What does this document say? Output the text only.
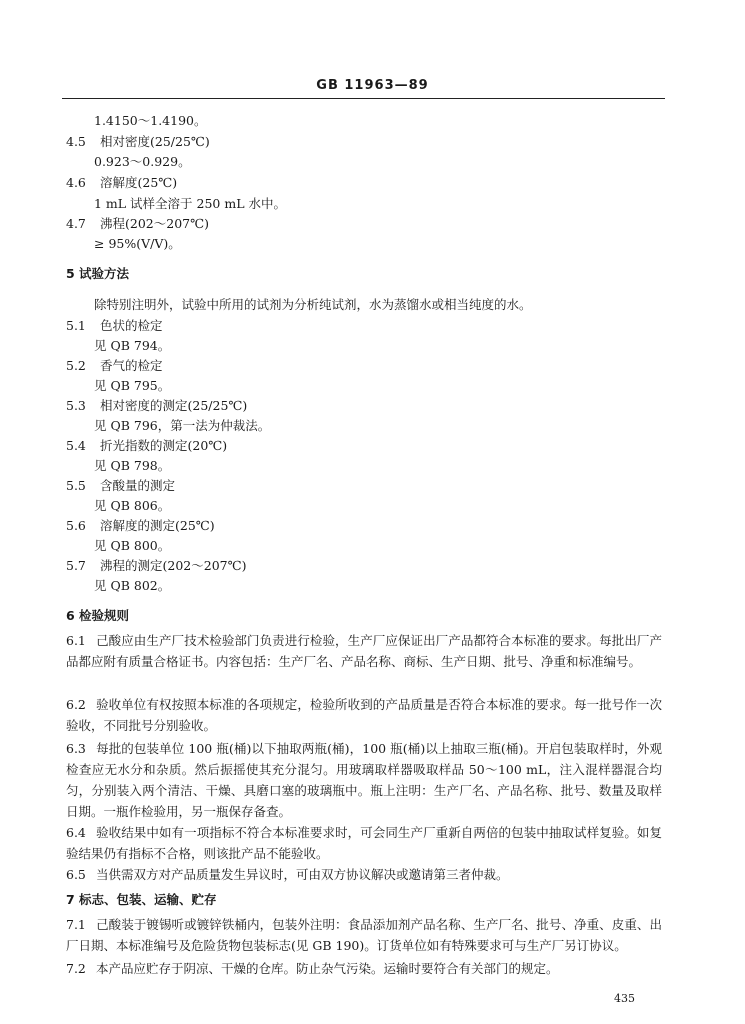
GB 11963—89
1.4150～1.4190。
4.5 相对密度(25/25℃)
0.923～0.929。
4.6 溶解度(25℃)
1 mL 试样全溶于 250 mL 水中。
4.7 沸程(202～207℃)
≥ 95%(V/V)。
5 试验方法
除特别注明外，试验中所用的试剂为分析纯试剂，水为蒸馏水或相当纯度的水。
5.1 色状的检定
见 QB 794。
5.2 香气的检定
见 QB 795。
5.3 相对密度的测定(25/25℃)
见 QB 796，第一法为仲裁法。
5.4 折光指数的测定(20℃)
见 QB 798。
5.5 含酸量的测定
见 QB 806。
5.6 溶解度的测定(25℃)
见 QB 800。
5.7 沸程的测定(202～207℃)
见 QB 802。
6 检验规则
6.1 己酸应由生产厂技术检验部门负责进行检验，生产厂应保证出厂产品都符合本标准的要求。每批出厂产品都应附有质量合格证书。内容包括：生产厂名、产品名称、商标、生产日期、批号、净重和标准编号。
6.2 验收单位有权按照本标准的各项规定，检验所收到的产品质量是否符合本标准的要求。每一批号作一次验收，不同批号分别验收。
6.3 每批的包装单位 100 瓶(桶)以下抽取两瓶(桶)，100 瓶(桶)以上抽取三瓶(桶)。开启包装取样时，外观检查应无水分和杂质。然后振摇使其充分混匀。用玻璃取样器吸取样品 50～100 mL，注入混样器混合均匀，分别装入两个清洁、干燥、具磨口塞的玻璃瓶中。瓶上注明：生产厂名、产品名称、批号、数量及取样日期。一瓶作检验用，另一瓶保存备查。
6.4 验收结果中如有一项指标不符合本标准要求时，可会同生产厂重新自两倍的包装中抽取试样复验。如复验结果仍有指标不合格，则该批产品不能验收。
6.5 当供需双方对产品质量发生异议时，可由双方协议解决或邀请第三者仲裁。
7 标志、包装、运输、贮存
7.1 己酸装于镀锡听或镀锌铁桶内，包装外注明：食品添加剂产品名称、生产厂名、批号、净重、皮重、出厂日期、本标准编号及危险货物包装标志(见 GB 190)。订货单位如有特殊要求可与生产厂另订协议。
7.2 本产品应贮存于阴凉、干燥的仓库。防止杂气污染。运输时要符合有关部门的规定。
435
